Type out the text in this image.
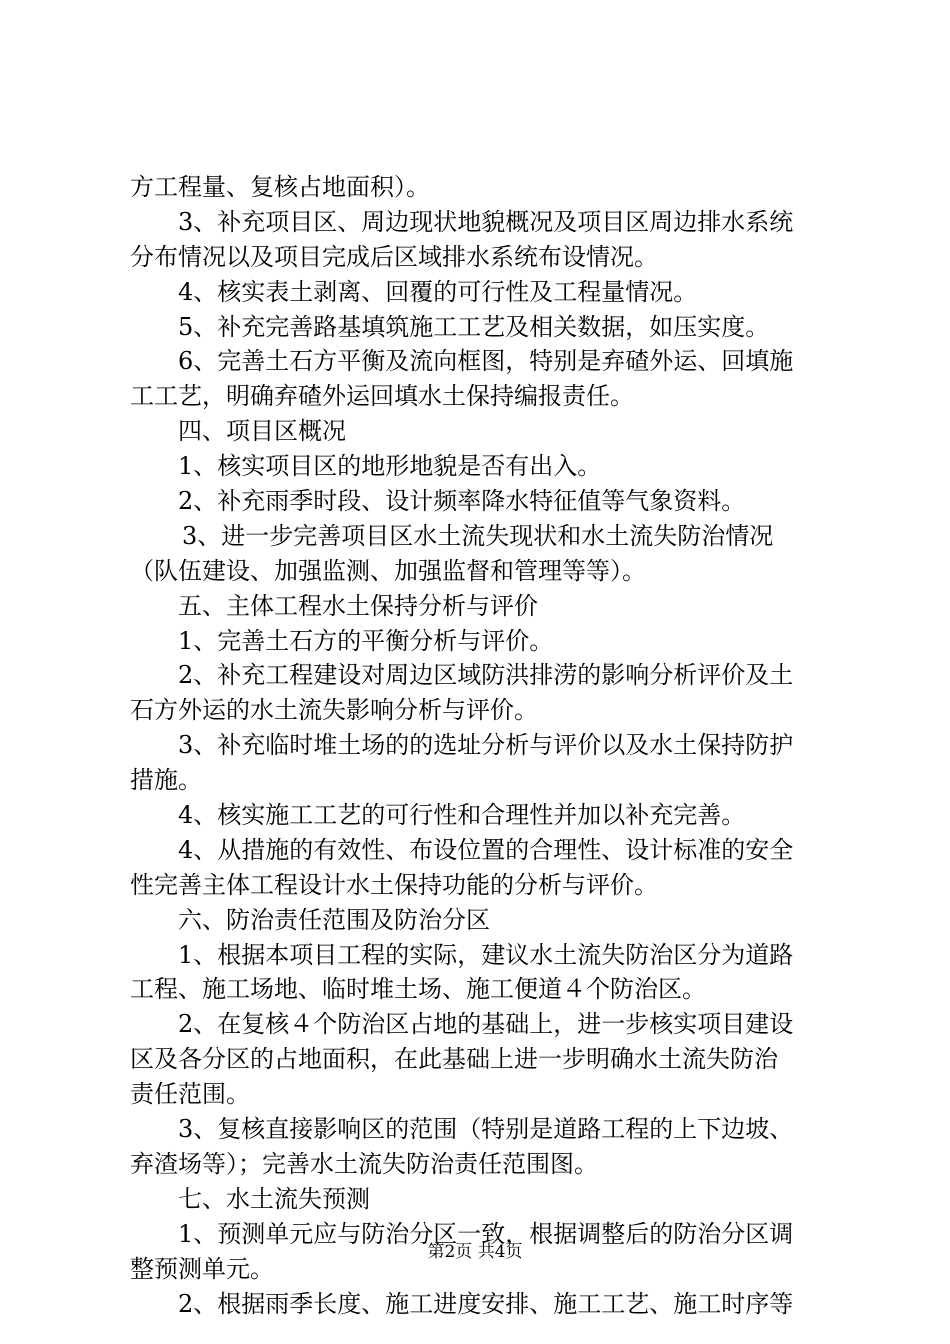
方工程量、复核占地面积）。
3、补充项目区、周边现状地貌概况及项目区周边排水系统
分布情况以及项目完成后区域排水系统布设情况。
4、核实表土剥离、回覆的可行性及工程量情况。
5、补充完善路基填筑施工工艺及相关数据，如压实度。
6、完善土石方平衡及流向框图，特别是弃碴外运、回填施
工工艺，明确弃碴外运回填水土保持编报责任。
四、项目区概况
1、核实项目区的地形地貌是否有出入。
2、补充雨季时段、设计频率降水特征值等气象资料。
3、进一步完善项目区水土流失现状和水土流失防治情况
（队伍建设、加强监测、加强监督和管理等等）。
五、主体工程水土保持分析与评价
1、完善土石方的平衡分析与评价。
2、补充工程建设对周边区域防洪排涝的影响分析评价及土
石方外运的水土流失影响分析与评价。
3、补充临时堆土场的的选址分析与评价以及水土保持防护
措施。
4、核实施工工艺的可行性和合理性并加以补充完善。
4、从措施的有效性、布设位置的合理性、设计标准的安全
性完善主体工程设计水土保持功能的分析与评价。
六、防治责任范围及防治分区
1、根据本项目工程的实际，建议水土流失防治区分为道路
工程、施工场地、临时堆土场、施工便道４个防治区。
2、在复核４个防治区占地的基础上，进一步核实项目建设
区及各分区的占地面积，在此基础上进一步明确水土流失防治
责任范围。
3、复核直接影响区的范围（特别是道路工程的上下边坡、
弃渣场等）；完善水土流失防治责任范围图。
七、水土流失预测
1、预测单元应与防治分区一致，根据调整后的防治分区调
整预测单元。
2、根据雨季长度、施工进度安排、施工工艺、施工时序等
第2页 共4页
